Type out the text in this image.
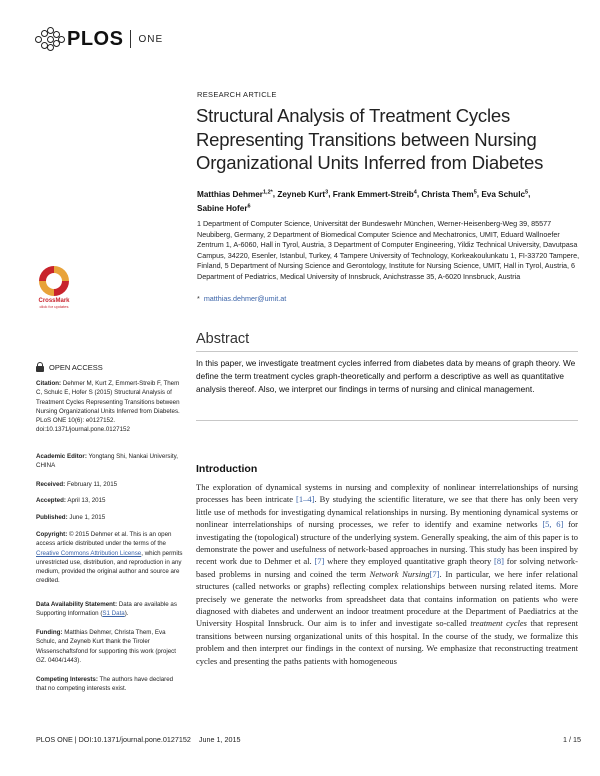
PLOS ONE
RESEARCH ARTICLE
Structural Analysis of Treatment Cycles Representing Transitions between Nursing Organizational Units Inferred from Diabetes
Matthias Dehmer$^{1,2*}$, Zeyneb Kurt$^3$, Frank Emmert-Streib$^4$, Christa Them$^5$, Eva Schulc$^5$,
Sabine Hofer$^6$
1 Department of Computer Science, Universität der Bundeswehr München, Werner-Heisenberg-Weg 39, 85577 Neubiberg, Germany, 2 Department of Biomedical Computer Science and Mechatronics, UMIT, Eduard Wallnoefer Zentrum 1, A-6060, Hall in Tyrol, Austria, 3 Department of Computer Engineering, Yildiz Technical University, Davutpasa Campus, 34220, Esenler, Istanbul, Turkey, 4 Tampere University of Technology, Korkeakoulunkatu 1, FI-33720 Tampere, Finland, 5 Department of Nursing Science and Gerontology, Institute for Nursing Science, UMIT, Hall in Tyrol, Austria, 6 Department of Pediatrics, Medical University of Innsbruck, Anichstrasse 35, A-6020 Innsbruck, Austria
* matthias.dehmer@umit.at
CrossMark
click for updates
Abstract
In this paper, we investigate treatment cycles inferred from diabetes data by means of graph theory. We define the term treatment cycles graph-theoretically and perform a descriptive as well as quantitative analysis thereof. Also, we interpret our findings in terms of nursing and clinical management.
OPEN ACCESS
Citation: Dehmer M, Kurt Z, Emmert-Streib F, Them C, Schulc E, Hofer S (2015) Structural Analysis of Treatment Cycles Representing Transitions between Nursing Organizational Units Inferred from Diabetes. PLoS ONE 10(6): e0127152. doi:10.1371/journal.pone.0127152
Academic Editor: Yongtang Shi, Nankai University, CHINA
Received: February 11, 2015
Accepted: April 13, 2015
Published: June 1, 2015
Copyright: © 2015 Dehmer et al. This is an open access article distributed under the terms of the Creative Commons Attribution License, which permits unrestricted use, distribution, and reproduction in any medium, provided the original author and source are credited.
Data Availability Statement: Data are available as Supporting Information (S1 Data).
Funding: Matthias Dehmer, Christa Them, Eva Schulc, and Zeyneb Kurt thank the Tiroler Wissenschaftsfond for supporting this work (project GZ. 0404/1443).
Competing Interests: The authors have declared that no competing interests exist.
Introduction
The exploration of dynamical systems in nursing and complexity of nonlinear interrelationships of nursing processes has been intricate [1–4]. By studying the scientific literature, we see that there has only been very little use of methods for investigating dynamical relationships in nursing. By mentioning dynamical systems or nonlinear interrelationships of nursing processes, we refer to identify and examine networks [5, 6] for investigating the (topological) structure of the underlying system. Generally speaking, the aim of this paper is to demonstrate the power and usefulness of network-based approaches in nursing. This study has been inspired by recent work due to Dehmer et al. [7] where they employed quantitative graph theory [8] for solving network-based problems in nursing and coined the term Network Nursing[7]. In particular, we here infer relational structures (called networks or graphs) reflecting complex relationships between nursing related items. More precisely we generate the networks from spreadsheet data that contains information on patients who were diagnosed with diabetes and underwent an indoor treatment procedure at the Department of Paediatrics at the University Hospital Innsbruck. Our aim is to infer and investigate so-called treatment cycles that represent transitions between nursing organizational units of this hospital. In the course of the study, we formalize this problem and then interpret our findings in the context of nursing. We emphasize that reconstructing treatment cycles and presenting the paths patients with homogeneous
PLOS ONE | DOI:10.1371/journal.pone.0127152    June 1, 2015	1 / 15
